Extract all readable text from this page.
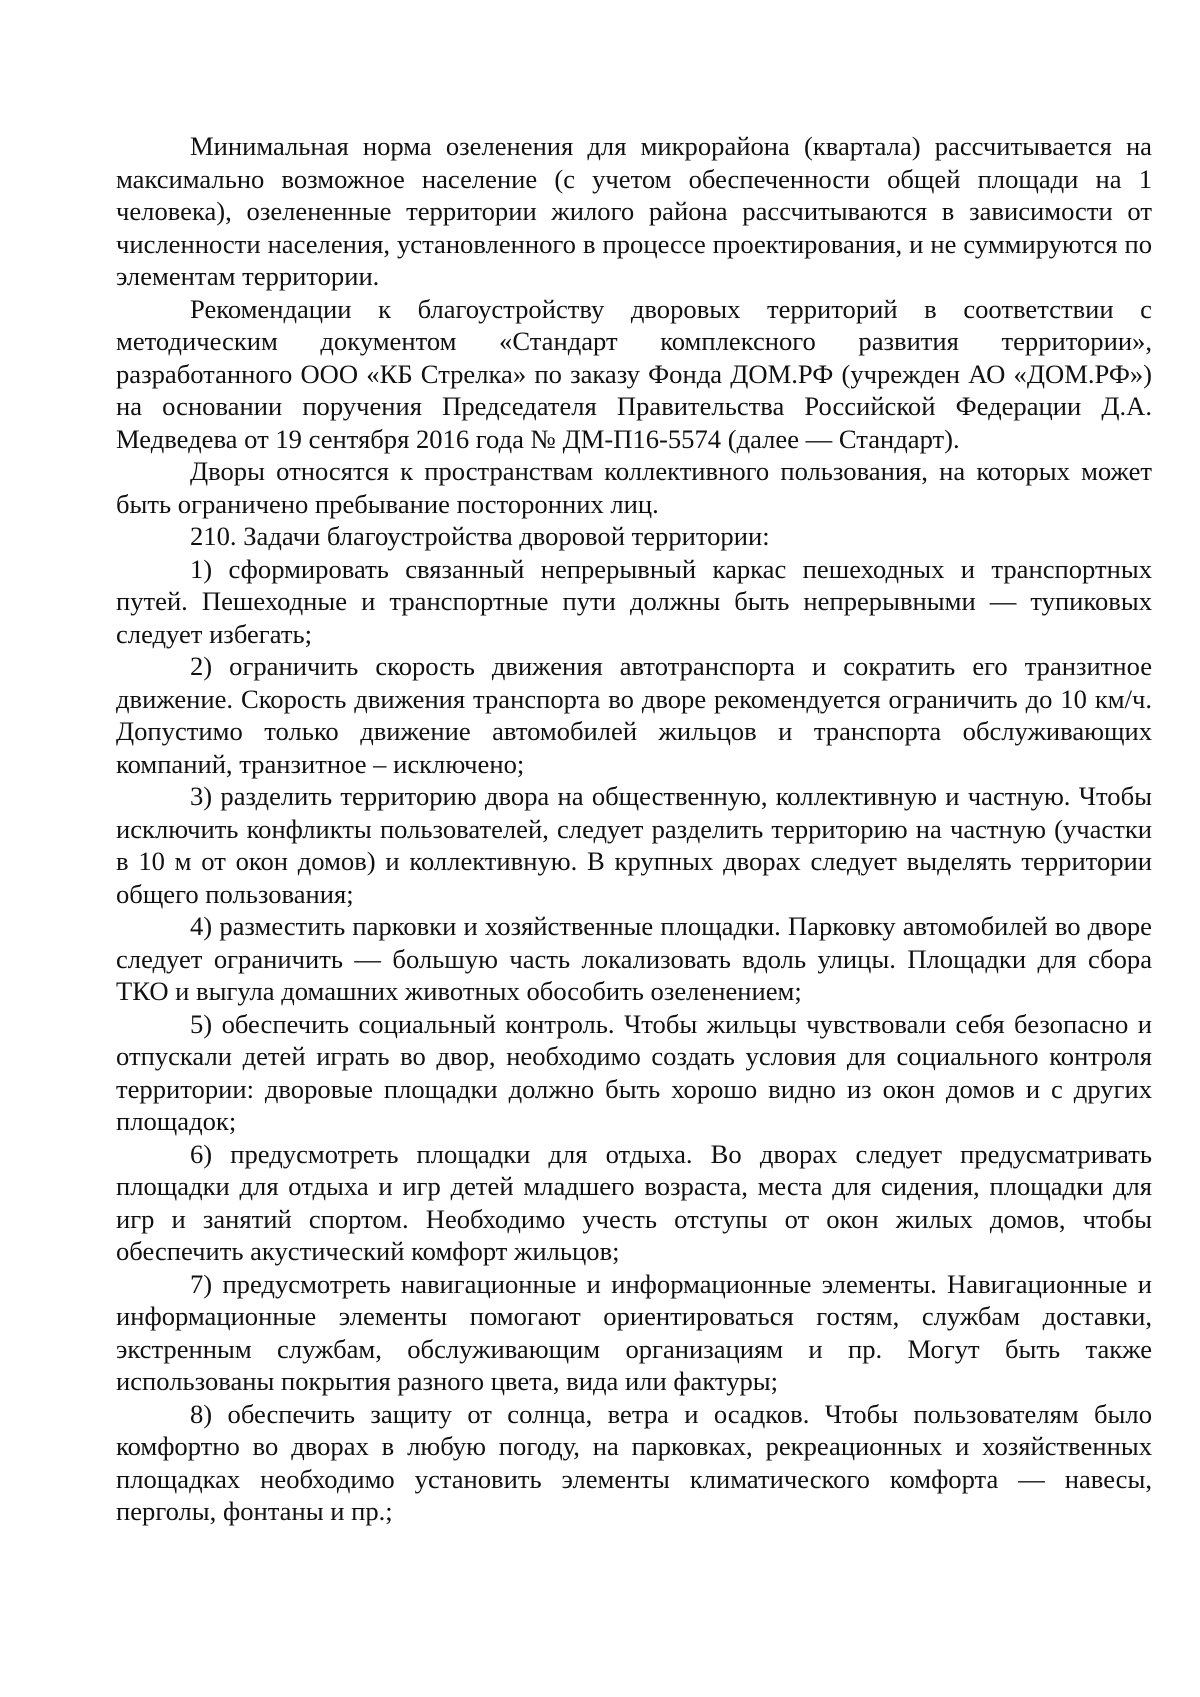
Минимальная норма озеленения для микрорайона (квартала) рассчитывается на максимально возможное население (с учетом обеспеченности общей площади на 1 человека), озелененные территории жилого района рассчитываются в зависимости от численности населения, установленного в процессе проектирования, и не суммируются по элементам территории.

Рекомендации к благоустройству дворовых территорий в соответствии с методическим документом «Стандарт комплексного развития территории», разработанного ООО «КБ Стрелка» по заказу Фонда ДОМ.РФ (учрежден АО «ДОМ.РФ») на основании поручения Председателя Правительства Российской Федерации Д.А. Медведева от 19 сентября 2016 года № ДМ-П16-5574 (далее — Стандарт).

Дворы относятся к пространствам коллективного пользования, на которых может быть ограничено пребывание посторонних лиц.

210. Задачи благоустройства дворовой территории:

1) сформировать связанный непрерывный каркас пешеходных и транспортных путей. Пешеходные и транспортные пути должны быть непрерывными — тупиковых следует избегать;

2) ограничить скорость движения автотранспорта и сократить его транзитное движение. Скорость движения транспорта во дворе рекомендуется ограничить до 10 км/ч. Допустимо только движение автомобилей жильцов и транспорта обслуживающих компаний, транзитное – исключено;

3) разделить территорию двора на общественную, коллективную и частную. Чтобы исключить конфликты пользователей, следует разделить территорию на частную (участки в 10 м от окон домов) и коллективную. В крупных дворах следует выделять территории общего пользования;

4) разместить парковки и хозяйственные площадки. Парковку автомобилей во дворе следует ограничить — большую часть локализовать вдоль улицы. Площадки для сбора ТКО и выгула домашних животных обособить озеленением;

5) обеспечить социальный контроль. Чтобы жильцы чувствовали себя безопасно и отпускали детей играть во двор, необходимо создать условия для социального контроля территории: дворовые площадки должно быть хорошо видно из окон домов и с других площадок;

6) предусмотреть площадки для отдыха. Во дворах следует предусматривать площадки для отдыха и игр детей младшего возраста, места для сидения, площадки для игр и занятий спортом. Необходимо учесть отступы от окон жилых домов, чтобы обеспечить акустический комфорт жильцов;

7) предусмотреть навигационные и информационные элементы. Навигационные и информационные элементы помогают ориентироваться гостям, службам доставки, экстренным службам, обслуживающим организациям и пр. Могут быть также использованы покрытия разного цвета, вида или фактуры;

8) обеспечить защиту от солнца, ветра и осадков. Чтобы пользователям было комфортно во дворах в любую погоду, на парковках, рекреационных и хозяйственных площадках необходимо установить элементы климатического комфорта — навесы, перголы, фонтаны и пр.;
